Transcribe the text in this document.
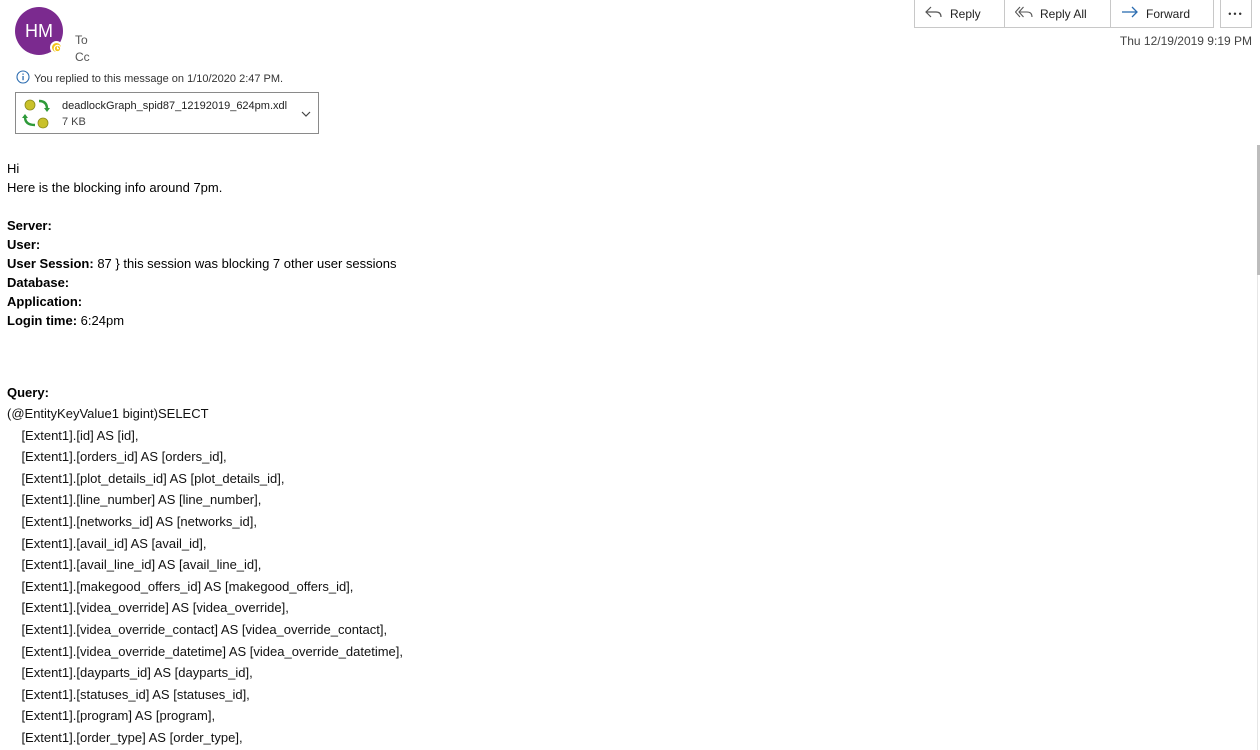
HM	To
Cc
Reply	Reply All	Forward	•••
Thu 12/19/2019 9:19 PM
You replied to this message on 1/10/2020 2:47 PM.
deadlockGraph_spid87_12192019_624pm.xdl
7 KB
Hi
Here is the blocking info around 7pm.
Server:
User:
User Session: 87 } this session was blocking 7 other user sessions
Database:
Application:
Login time: 6:24pm
Query:
(@EntityKeyValue1 bigint)SELECT
[Extent1].[id] AS [id],
[Extent1].[orders_id] AS [orders_id],
[Extent1].[plot_details_id] AS [plot_details_id],
[Extent1].[line_number] AS [line_number],
[Extent1].[networks_id] AS [networks_id],
[Extent1].[avail_id] AS [avail_id],
[Extent1].[avail_line_id] AS [avail_line_id],
[Extent1].[makegood_offers_id] AS [makegood_offers_id],
[Extent1].[videa_override] AS [videa_override],
[Extent1].[videa_override_contact] AS [videa_override_contact],
[Extent1].[videa_override_datetime] AS [videa_override_datetime],
[Extent1].[dayparts_id] AS [dayparts_id],
[Extent1].[statuses_id] AS [statuses_id],
[Extent1].[program] AS [program],
[Extent1].[order_type] AS [order_type],
